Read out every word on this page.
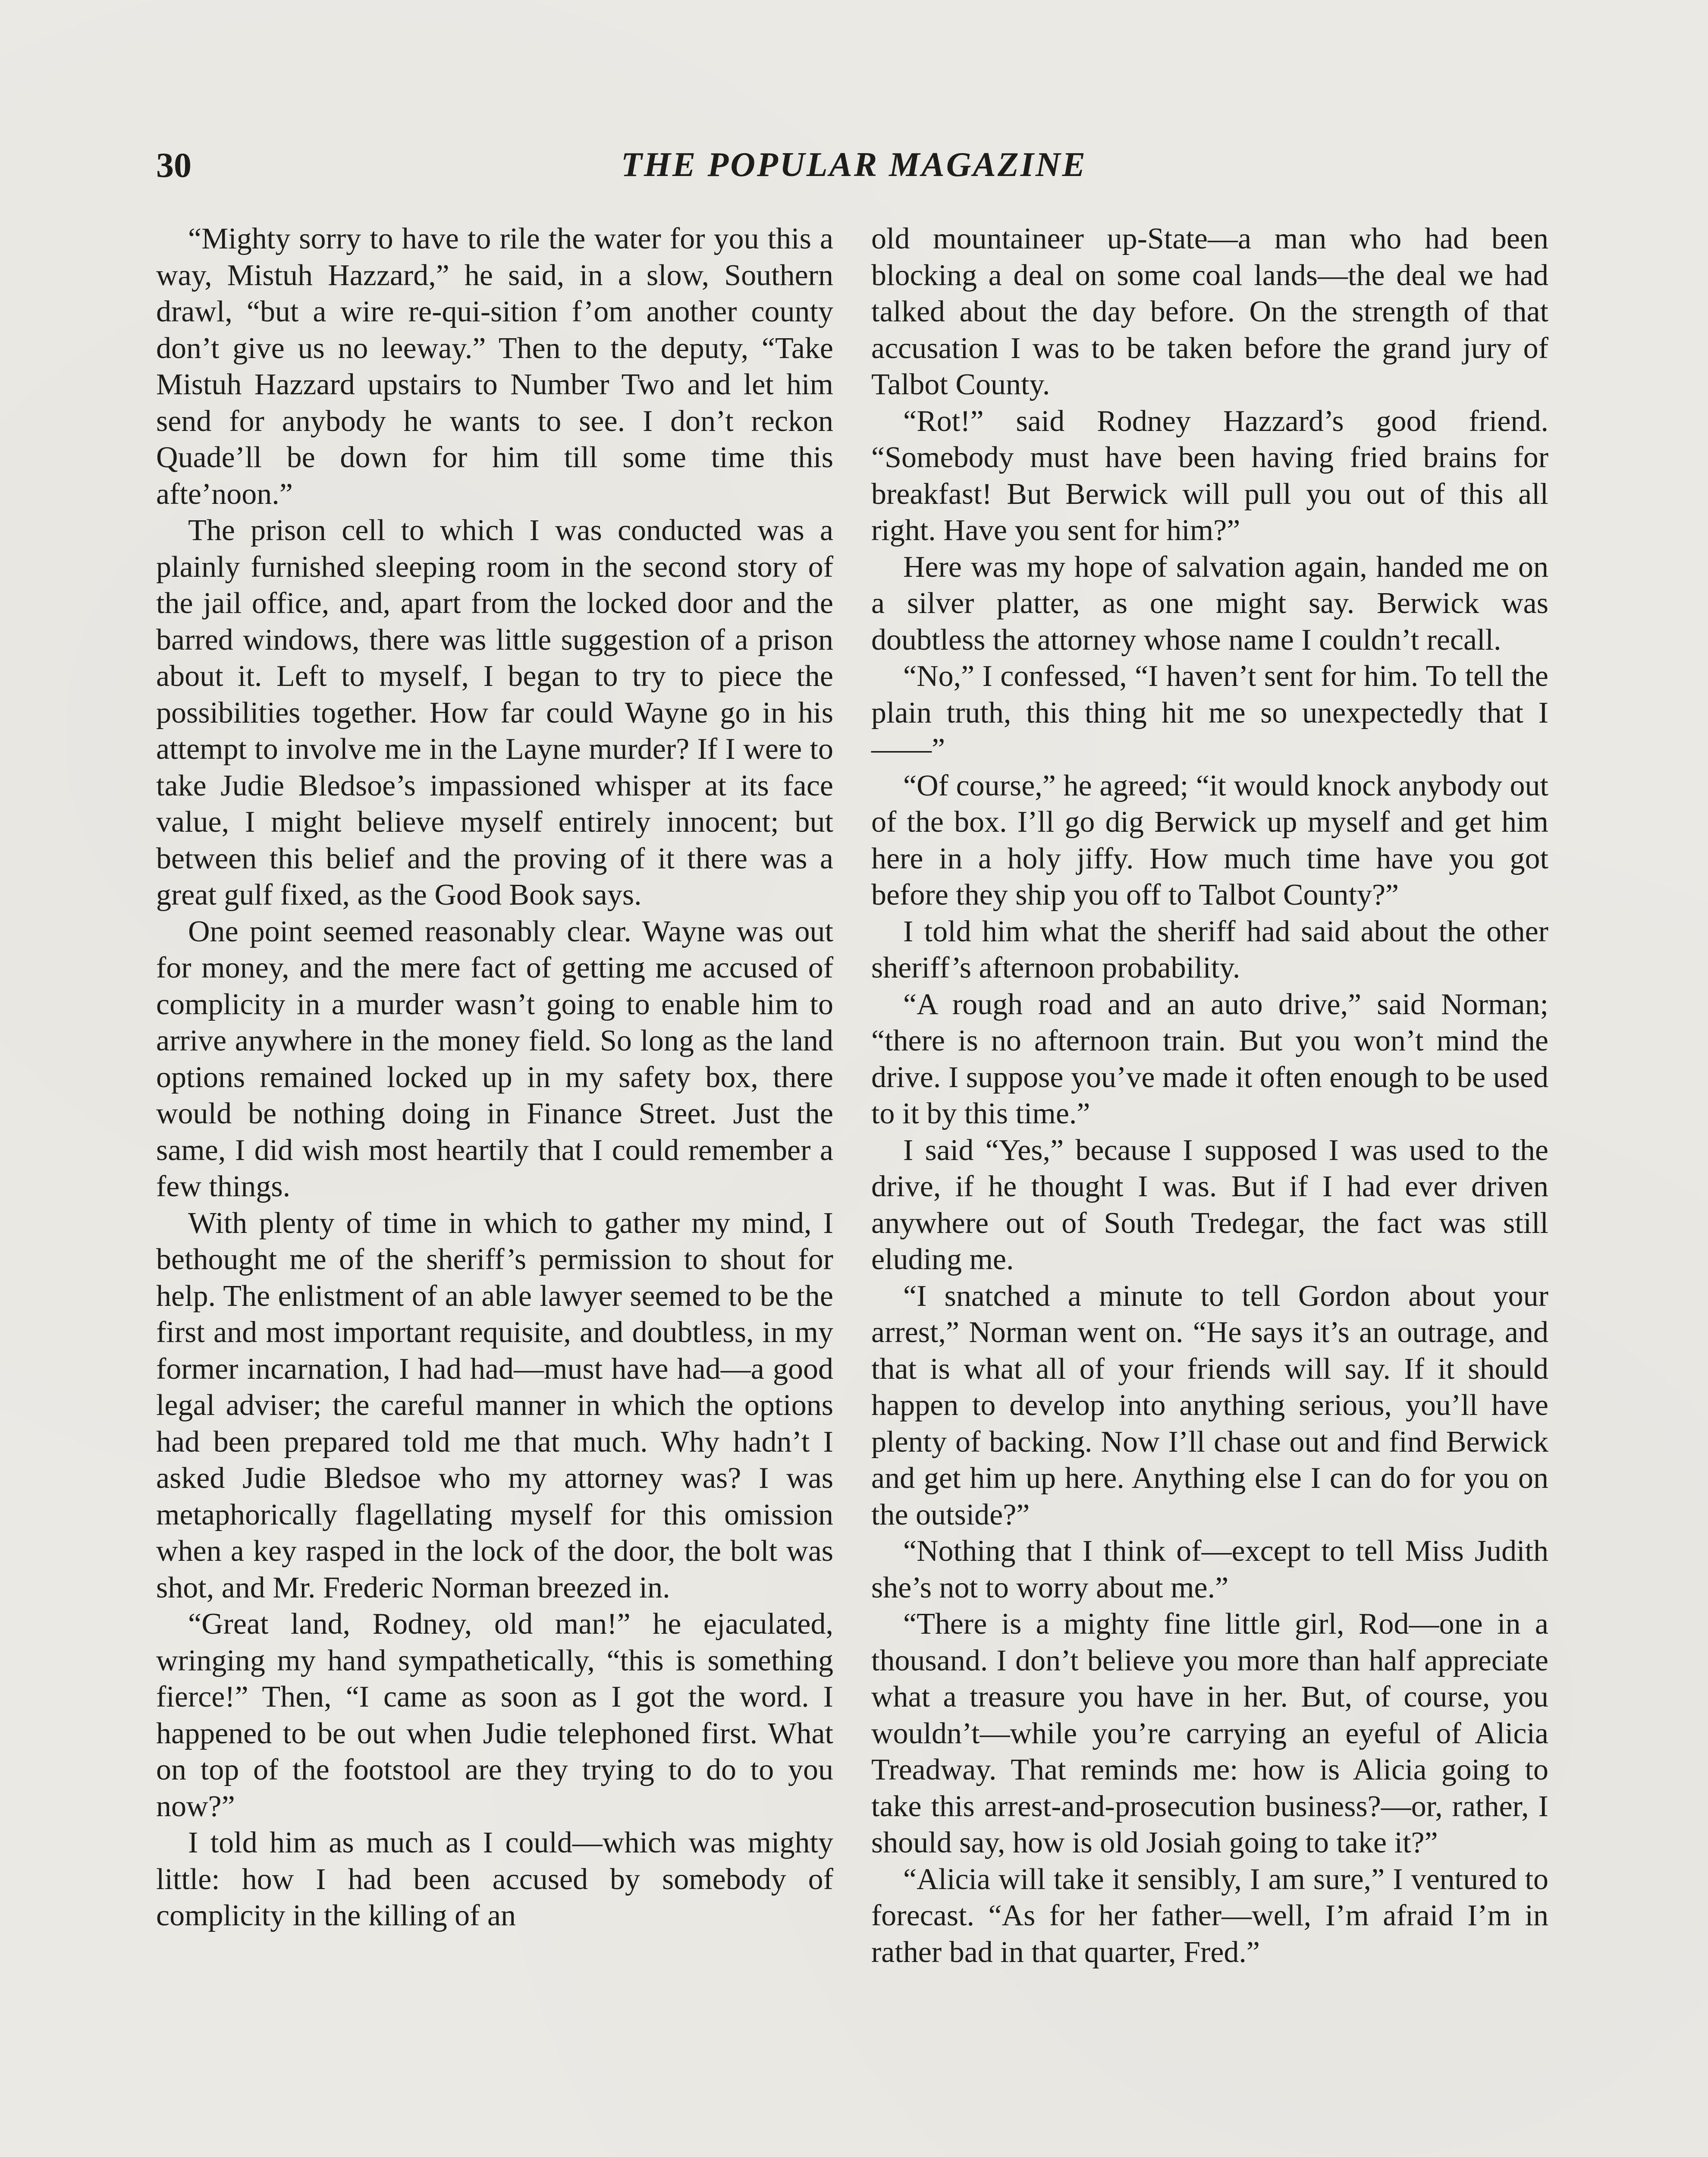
30	THE POPULAR MAGAZINE

“Mighty sorry to have to rile the water for you this a way, Mistuh Hazzard,” he said, in a slow, Southern drawl, “but a wire re-qui-sition f’om another county don’t give us no leeway.” Then to the deputy, “Take Mistuh Hazzard upstairs to Number Two and let him send for anybody he wants to see. I don’t reckon Quade’ll be down for him till some time this afte’noon.”

The prison cell to which I was conducted was a plainly furnished sleeping room in the second story of the jail office, and, apart from the locked door and the barred windows, there was little suggestion of a prison about it. Left to myself, I began to try to piece the possibilities together. How far could Wayne go in his attempt to involve me in the Layne murder? If I were to take Judie Bledsoe’s impassioned whisper at its face value, I might believe myself entirely innocent; but between this belief and the proving of it there was a great gulf fixed, as the Good Book says.

One point seemed reasonably clear. Wayne was out for money, and the mere fact of getting me accused of complicity in a murder wasn’t going to enable him to arrive anywhere in the money field. So long as the land options remained locked up in my safety box, there would be nothing doing in Finance Street. Just the same, I did wish most heartily that I could remember a few things.

With plenty of time in which to gather my mind, I bethought me of the sheriff’s permission to shout for help. The enlistment of an able lawyer seemed to be the first and most important requisite, and doubtless, in my former incarnation, I had had—must have had—a good legal adviser; the careful manner in which the options had been prepared told me that much. Why hadn’t I asked Judie Bledsoe who my attorney was? I was metaphorically flagellating myself for this omission when a key rasped in the lock of the door, the bolt was shot, and Mr. Frederic Norman breezed in.

“Great land, Rodney, old man!” he ejaculated, wringing my hand sympathetically, “this is something fierce!” Then, “I came as soon as I got the word. I happened to be out when Judie telephoned first. What on top of the footstool are they trying to do to you now?”

I told him as much as I could—which was mighty little: how I had been accused by somebody of complicity in the killing of an

old mountaineer up-State—a man who had been blocking a deal on some coal lands—the deal we had talked about the day before. On the strength of that accusation I was to be taken before the grand jury of Talbot County.

“Rot!” said Rodney Hazzard’s good friend. “Somebody must have been having fried brains for breakfast! But Berwick will pull you out of this all right. Have you sent for him?”

Here was my hope of salvation again, handed me on a silver platter, as one might say. Berwick was doubtless the attorney whose name I couldn’t recall.

“No,” I confessed, “I haven’t sent for him. To tell the plain truth, this thing hit me so unexpectedly that I——”

“Of course,” he agreed; “it would knock anybody out of the box. I’ll go dig Berwick up myself and get him here in a holy jiffy. How much time have you got before they ship you off to Talbot County?”

I told him what the sheriff had said about the other sheriff’s afternoon probability.

“A rough road and an auto drive,” said Norman; “there is no afternoon train. But you won’t mind the drive. I suppose you’ve made it often enough to be used to it by this time.”

I said “Yes,” because I supposed I was used to the drive, if he thought I was. But if I had ever driven anywhere out of South Tredegar, the fact was still eluding me.

“I snatched a minute to tell Gordon about your arrest,” Norman went on. “He says it’s an outrage, and that is what all of your friends will say. If it should happen to develop into anything serious, you’ll have plenty of backing. Now I’ll chase out and find Berwick and get him up here. Anything else I can do for you on the outside?”

“Nothing that I think of—except to tell Miss Judith she’s not to worry about me.”

“There is a mighty fine little girl, Rod—one in a thousand. I don’t believe you more than half appreciate what a treasure you have in her. But, of course, you wouldn’t—while you’re carrying an eyeful of Alicia Treadway. That reminds me: how is Alicia going to take this arrest-and-prosecution business?—or, rather, I should say, how is old Josiah going to take it?”

“Alicia will take it sensibly, I am sure,” I ventured to forecast. “As for her father—well, I’m afraid I’m in rather bad in that quarter, Fred.”
